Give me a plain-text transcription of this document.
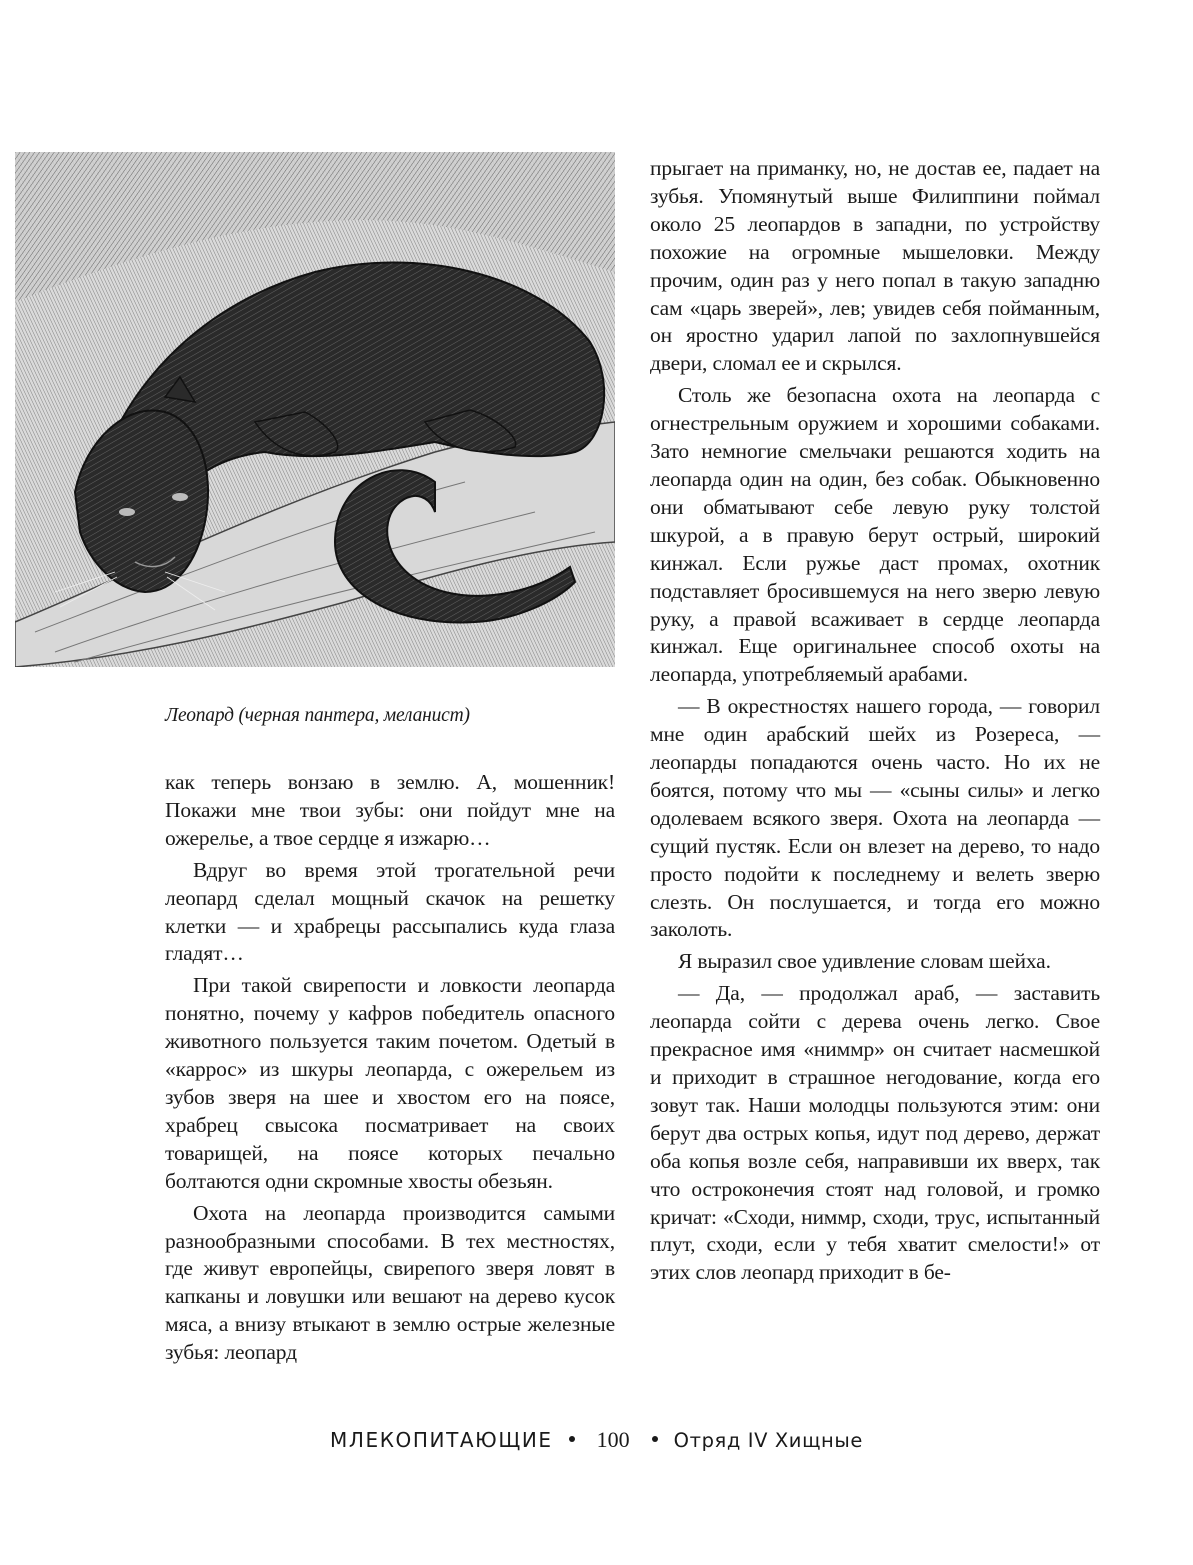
Леопард (черная пантера, меланист)

как теперь вонзаю в землю. А, мошенник! Покажи мне твои зубы: они пойдут мне на ожерелье, а твое сердце я изжарю…

Вдруг во время этой трогательной речи леопард сделал мощный скачок на решетку клетки — и храбрецы рассыпались куда глаза гладят…

При такой свирепости и ловкости леопарда понятно, почему у кафров победитель опасного животного пользуется таким почетом. Одетый в «каррос» из шкуры леопарда, с ожерельем из зубов зверя на шее и хвостом его на поясе, храбрец свысока посматривает на своих товарищей, на поясе которых печально болтаются одни скромные хвосты обезьян.

Охота на леопарда производится самыми разнообразными способами. В тех местностях, где живут европейцы, свирепого зверя ловят в капканы и ловушки или вешают на дерево кусок мяса, а внизу втыкают в землю острые железные зубья: леопард

прыгает на приманку, но, не достав ее, падает на зубья. Упомянутый выше Филиппини поймал около 25 леопардов в западни, по устройству похожие на огромные мышеловки. Между прочим, один раз у него попал в такую западню сам «царь зверей», лев; увидев себя пойманным, он яростно ударил лапой по захлопнувшейся двери, сломал ее и скрылся.

Столь же безопасна охота на леопарда с огнестрельным оружием и хорошими собаками. Зато немногие смельчаки решаются ходить на леопарда один на один, без собак. Обыкновенно они обматывают себе левую руку толстой шкурой, а в правую берут острый, широкий кинжал. Если ружье даст промах, охотник подставляет бросившемуся на него зверю левую руку, а правой всаживает в сердце леопарда кинжал. Еще оригинальнее способ охоты на леопарда, употребляемый арабами.

— В окрестностях нашего города, — говорил мне один арабский шейх из Розереса, — леопарды попадаются очень часто. Но их не боятся, потому что мы — «сыны силы» и легко одолеваем всякого зверя. Охота на леопарда — сущий пустяк. Если он влезет на дерево, то надо просто подойти к последнему и велеть зверю слезть. Он послушается, и тогда его можно заколоть.

Я выразил свое удивление словам шейха.

— Да, — продолжал араб, — заставить леопарда сойти с дерева очень легко. Свое прекрасное имя «ниммр» он считает насмешкой и приходит в страшное негодование, когда его зовут так. Наши молодцы пользуются этим: они берут два острых копья, идут под дерево, держат оба копья возле себя, направивши их вверх, так что острoконечия стоят над головой, и громко кричат: «Сходи, ниммр, сходи, трус, испытанный плут, сходи, если у тебя хватит смелости!» от этих слов леопард приходит в бе-

МЛЕКОПИТАЮЩИЕ 100 Отряд IV Хищные
